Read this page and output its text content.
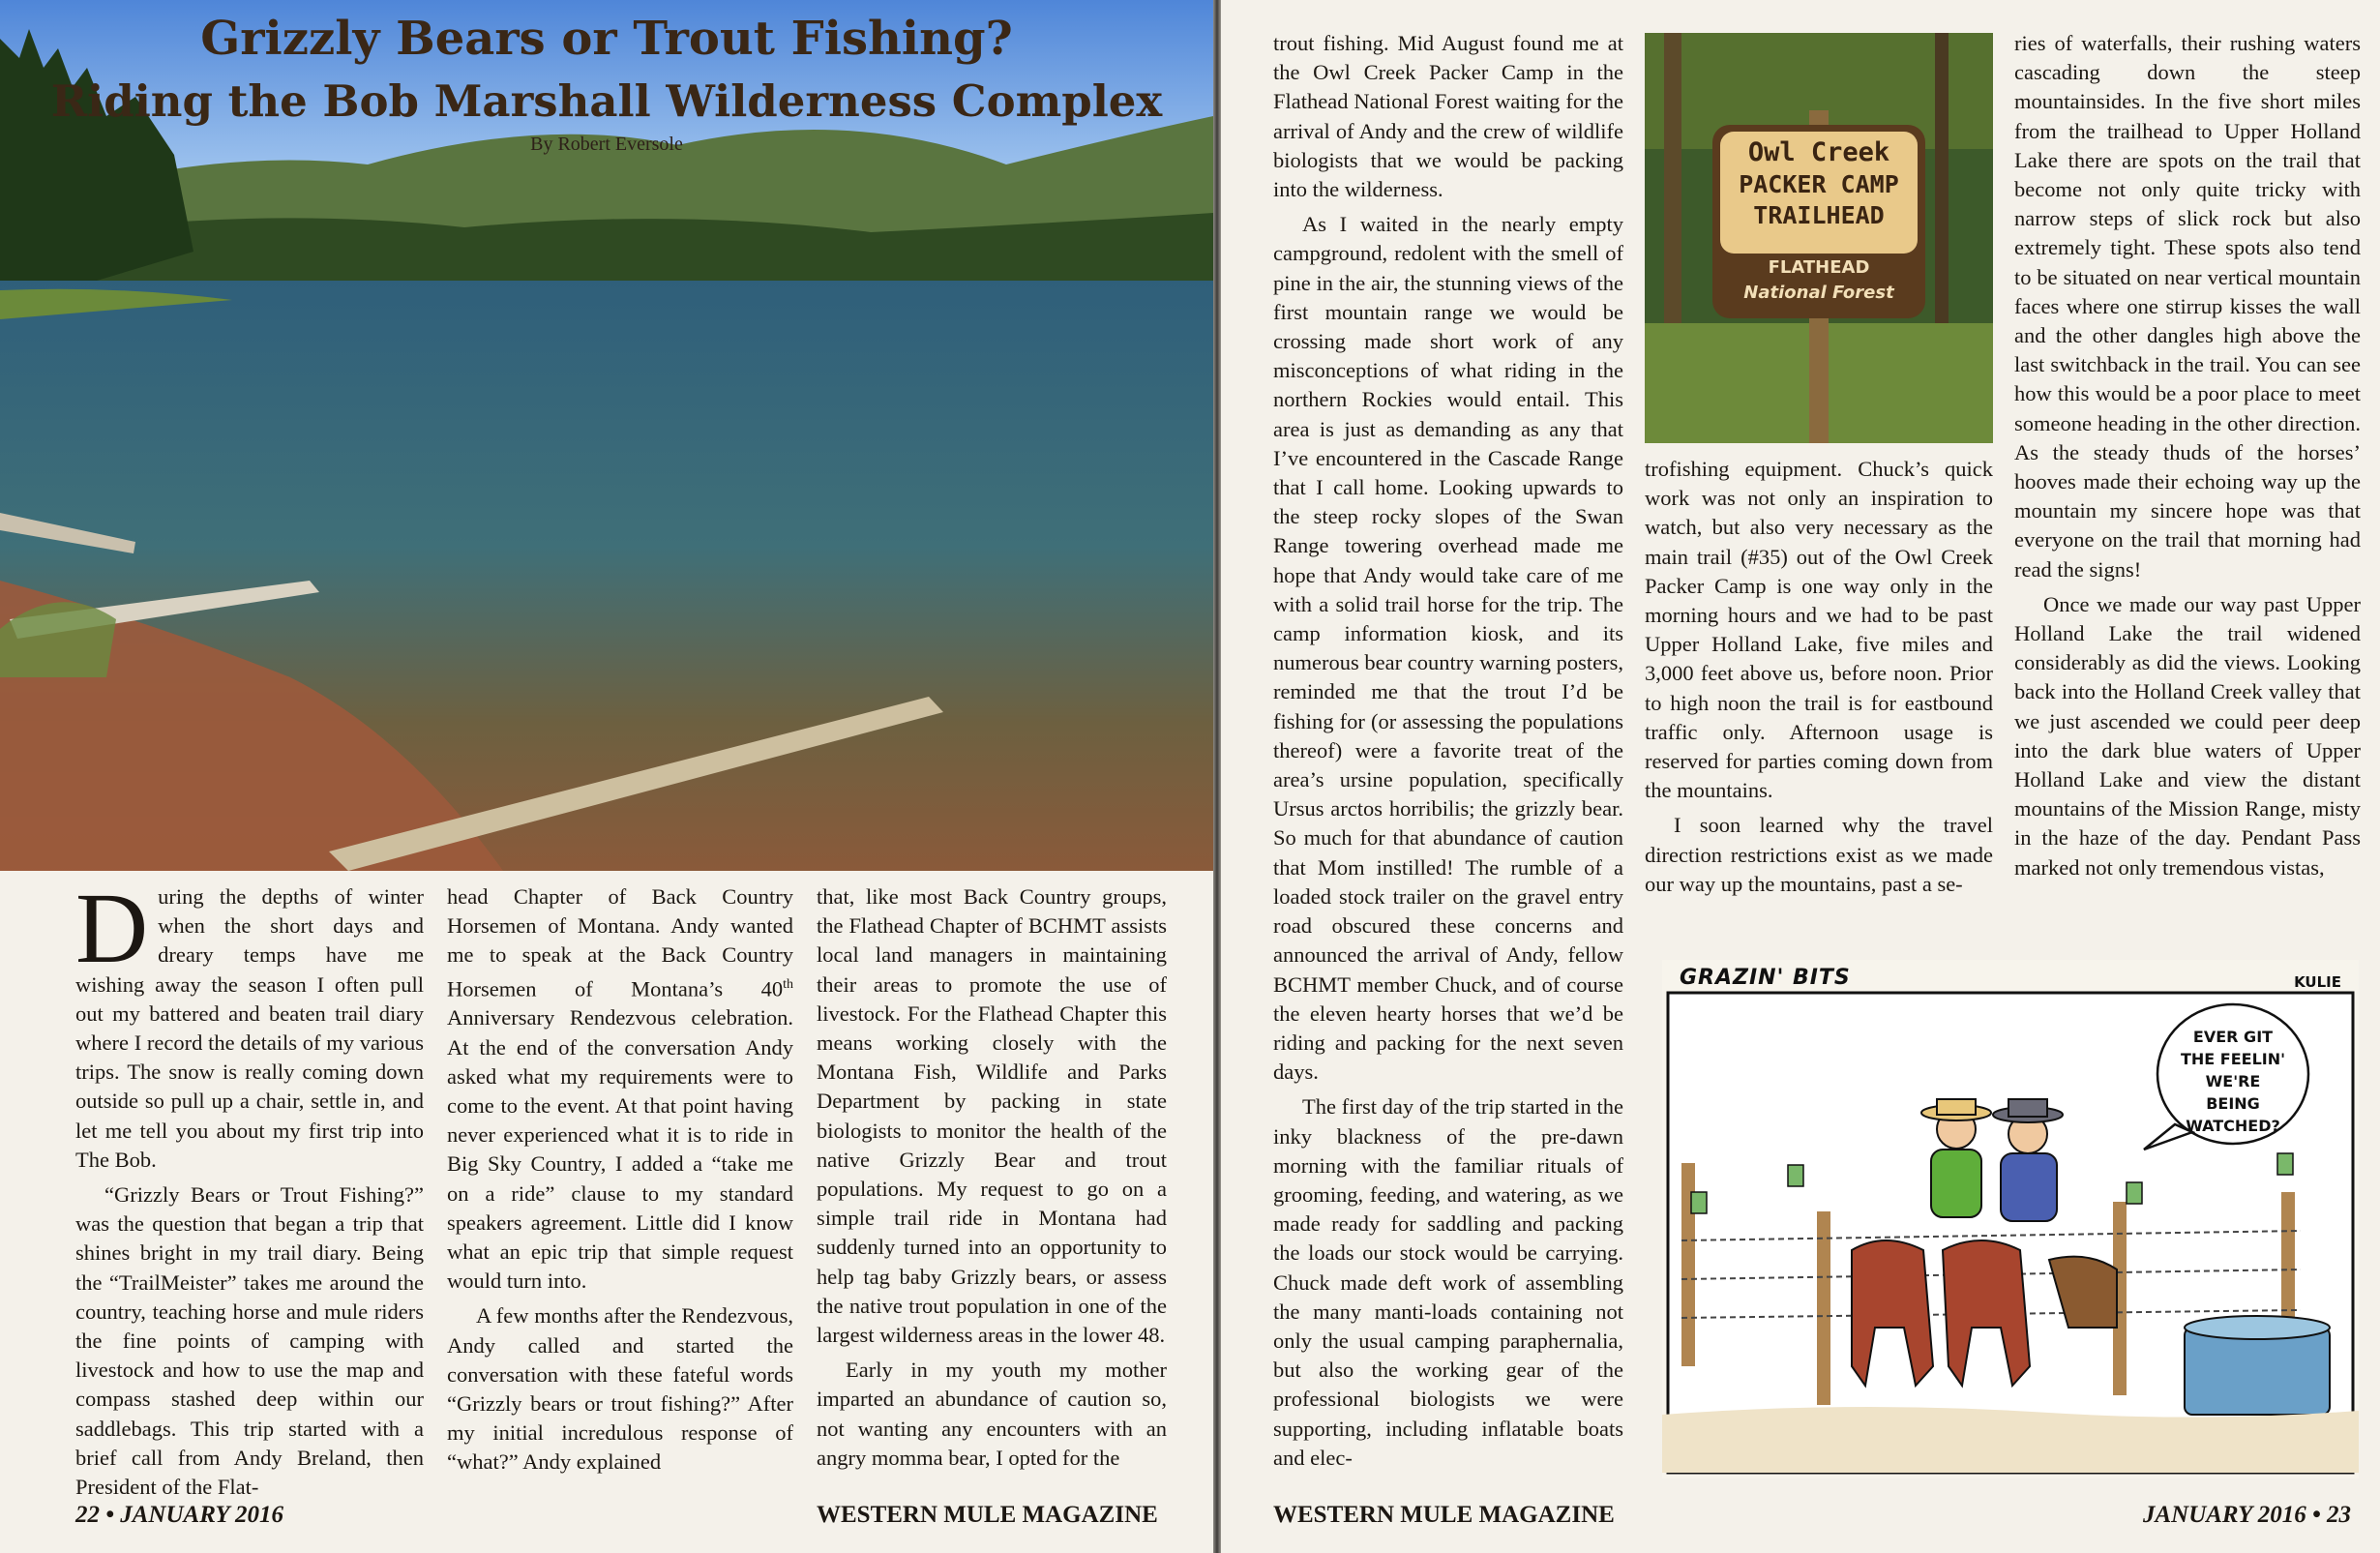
Grizzly Bears or Trout Fishing?
Riding the Bob Marshall Wilderness Complex
By Robert Eversole

During the depths of winter when the short days and dreary temps have me wishing away the season I often pull out my battered and beaten trail diary where I record the details of my various trips. The snow is really coming down outside so pull up a chair, settle in, and let me tell you about my first trip into The Bob.

“Grizzly Bears or Trout Fishing?” was the question that began a trip that shines bright in my trail diary. Being the “TrailMeister” takes me around the country, teaching horse and mule riders the fine points of camping with livestock and how to use the map and compass stashed deep within our saddlebags. This trip started with a brief call from Andy Breland, then President of the Flat-

head Chapter of Back Country Horsemen of Montana. Andy wanted me to speak at the Back Country Horsemen of Montana’s 40th Anniversary Rendezvous celebration. At the end of the conversation Andy asked what my requirements were to come to the event. At that point having never experienced what it is to ride in Big Sky Country, I added a “take me on a ride” clause to my standard speakers agreement. Little did I know what an epic trip that simple request would turn into.

A few months after the Rendezvous, Andy called and started the conversation with these fateful words “Grizzly bears or trout fishing?” After my initial incredulous response of “what?” Andy explained

that, like most Back Country groups, the Flathead Chapter of BCHMT assists local land managers in maintaining their areas to promote the use of livestock. For the Flathead Chapter this means working closely with the Montana Fish, Wildlife and Parks Department by packing in state biologists to monitor the health of the native Grizzly Bear and trout populations. My request to go on a simple trail ride in Montana had suddenly turned into an opportunity to help tag baby Grizzly bears, or assess the native trout population in one of the largest wilderness areas in the lower 48.

Early in my youth my mother imparted an abundance of caution so, not wanting any encounters with an angry momma bear, I opted for the

22 • JANUARY 2016	WESTERN MULE MAGAZINE

trout fishing. Mid August found me at the Owl Creek Packer Camp in the Flathead National Forest waiting for the arrival of Andy and the crew of wildlife biologists that we would be packing into the wilderness.

As I waited in the nearly empty campground, redolent with the smell of pine in the air, the stunning views of the first mountain range we would be crossing made short work of any misconceptions of what riding in the northern Rockies would entail. This area is just as demanding as any that I’ve encountered in the Cascade Range that I call home. Looking upwards to the steep rocky slopes of the Swan Range towering overhead made me hope that Andy would take care of me with a solid trail horse for the trip. The camp information kiosk, and its numerous bear country warning posters, reminded me that the trout I’d be fishing for (or assessing the populations thereof) were a favorite treat of the area’s ursine population, specifically Ursus arctos horribilis; the grizzly bear. So much for that abundance of caution that Mom instilled! The rumble of a loaded stock trailer on the gravel entry road obscured these concerns and announced the arrival of Andy, fellow BCHMT member Chuck, and of course the eleven hearty horses that we’d be riding and packing for the next seven days.

The first day of the trip started in the inky blackness of the pre-dawn morning with the familiar rituals of grooming, feeding, and watering, as we made ready for saddling and packing the loads our stock would be carrying. Chuck made deft work of assembling the many manti-loads containing not only the usual camping paraphernalia, but also the working gear of the professional biologists we were supporting, including inflatable boats and elec-

Owl Creek
PACKER CAMP
TRAILHEAD
FLATHEAD
National Forest

trofishing equipment. Chuck’s quick work was not only an inspiration to watch, but also very necessary as the main trail (#35) out of the Owl Creek Packer Camp is one way only in the morning hours and we had to be past Upper Holland Lake, five miles and 3,000 feet above us, before noon. Prior to high noon the trail is for eastbound traffic only. Afternoon usage is reserved for parties coming down from the mountains.

I soon learned why the travel direction restrictions exist as we made our way up the mountains, past a se-

ries of waterfalls, their rushing waters cascading down the steep mountainsides. In the five short miles from the trailhead to Upper Holland Lake there are spots on the trail that become not only quite tricky with narrow steps of slick rock but also extremely tight. These spots also tend to be situated on near vertical mountain faces where one stirrup kisses the wall and the other dangles high above the last switchback in the trail. You can see how this would be a poor place to meet someone heading in the other direction. As the steady thuds of the horses’ hooves made their echoing way up the mountain my sincere hope was that everyone on the trail that morning had read the signs!

Once we made our way past Upper Holland Lake the trail widened considerably as did the views. Looking back into the Holland Creek valley that we just ascended we could peer deep into the dark blue waters of Upper Holland Lake and view the distant mountains of the Mission Range, misty in the haze of the day. Pendant Pass marked not only tremendous vistas,

GRAZIN' BITS	KULIE
EVER GIT
THE FEELIN'
WE'RE
BEING
WATCHED?
WESTERN MULE MAGAZINE	JANUARY 2016 • 23
